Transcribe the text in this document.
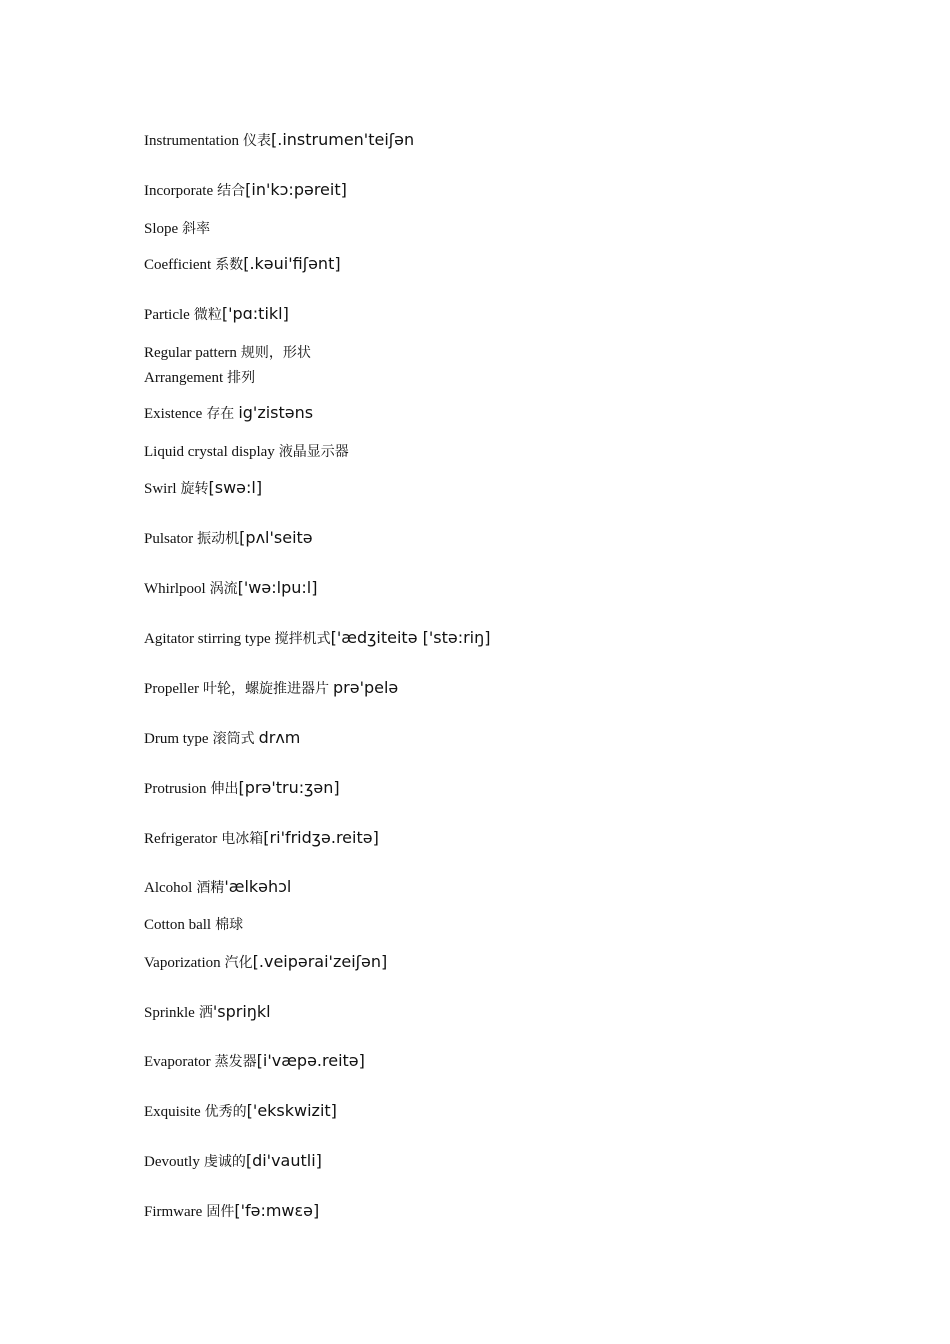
Instrumentation 仪表[.instrumen'teiʃən
Incorporate 结合[in'kɔ:pəreit]
Slope 斜率
Coefficient 系数[.kəui'fiʃənt]
Particle 微粒['pɑ:tikl]
Regular pattern 规则，形状
Arrangement 排列
Existence 存在 ig'zistəns
Liquid crystal display 液晶显示器
Swirl 旋转[swə:l]
Pulsator 振动机[pʌl'seitə
Whirlpool 涡流['wə:lpu:l]
Agitator stirring type 搅拌机式['ædʒiteitə ['stə:riŋ]
Propeller 叶轮，螺旋推进器片 prə'pelə
Drum type 滚筒式 drʌm
Protrusion 伸出[prə'tru:ʒən]
Refrigerator 电冰箱[ri'fridʒə.reitə]
Alcohol 酒精'ælkəhɔl
Cotton ball 棉球
Vaporization 汽化[.veipərai'zeiʃən]
Sprinkle 洒'spriŋkl
Evaporator 蒸发器[i'væpə.reitə]
Exquisite 优秀的['ekskwizit]
Devoutly 虔诚的[di'vautli]
Firmware 固件['fə:mwɛə]
